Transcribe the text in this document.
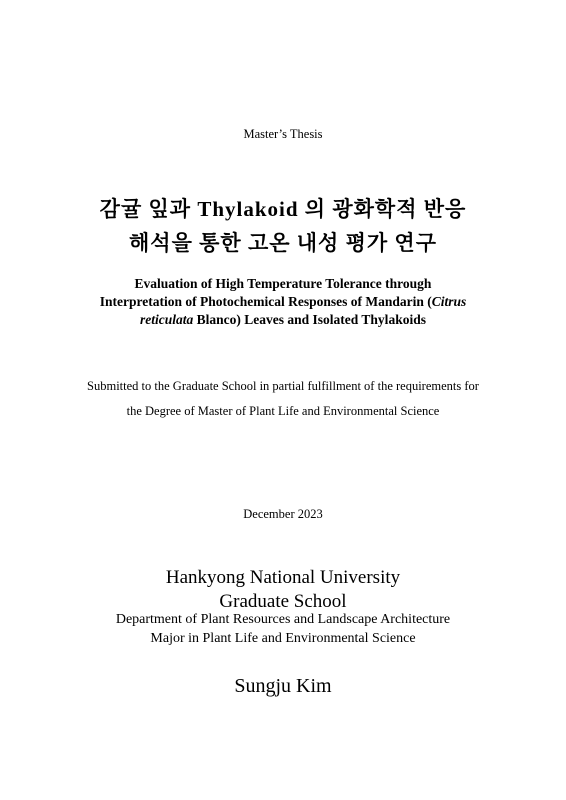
Master’s Thesis
감귤 잎과 Thylakoid 의 광화학적 반응
해석을 통한 고온 내성 평가 연구
Evaluation of High Temperature Tolerance through
Interpretation of Photochemical Responses of Mandarin (Citrus
reticulata Blanco) Leaves and Isolated Thylakoids
Submitted to the Graduate School in partial fulfillment of the requirements for
the Degree of Master of Plant Life and Environmental Science
December 2023
Hankyong National University
Graduate School
Department of Plant Resources and Landscape Architecture
Major in Plant Life and Environmental Science
Sungju Kim
